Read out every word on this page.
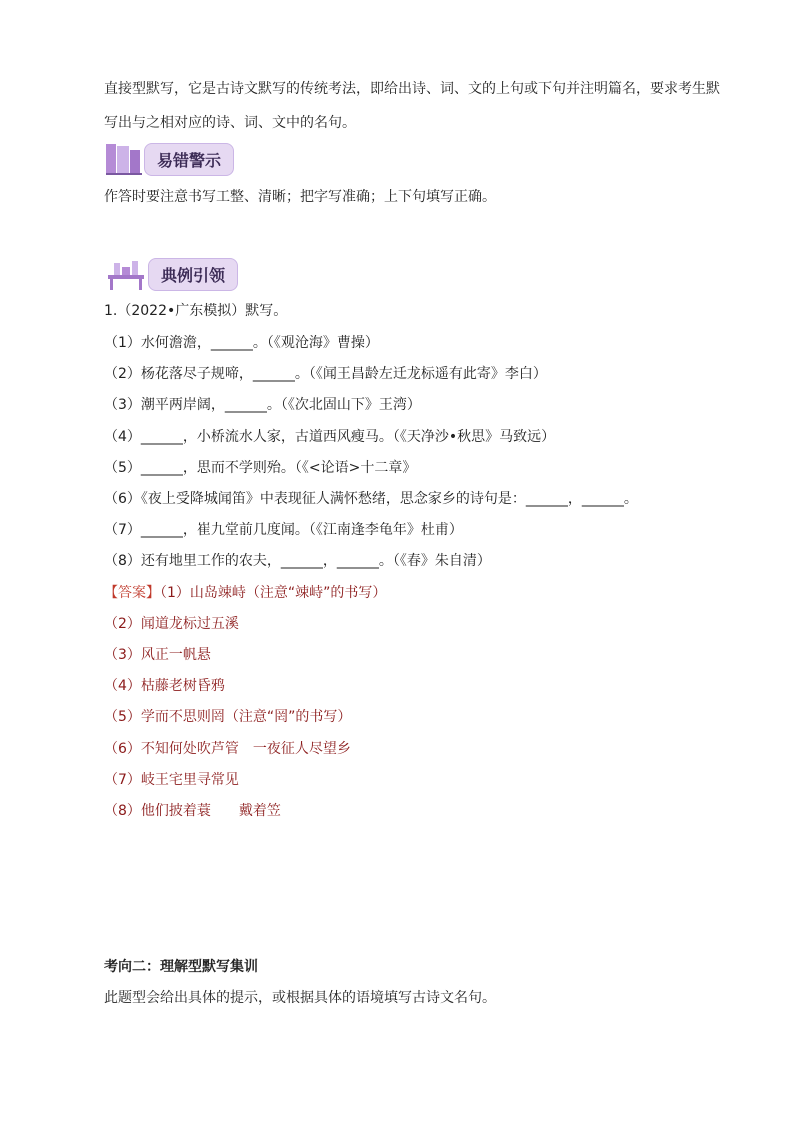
直接型默写，它是古诗文默写的传统考法，即给出诗、词、文的上句或下句并注明篇名，要求考生默
写出与之相对应的诗、词、文中的名句。
易错警示
作答时要注意书写工整、清晰；把字写准确；上下句填写正确。
典例引领
1.（2022•广东模拟）默写。
（1）水何澹澹，______。（《观沧海》曹操）
（2）杨花落尽子规啼，______。（《闻王昌龄左迁龙标遥有此寄》李白）
（3）潮平两岸阔，______。（《次北固山下》王湾）
（4）______，小桥流水人家，古道西风瘦马。（《天净沙•秋思》马致远）
（5）______，思而不学则殆。（《<论语>十二章》
（6）《夜上受降城闻笛》中表现征人满怀愁绪，思念家乡的诗句是：______，______。
（7）______，崔九堂前几度闻。（《江南逢李龟年》杜甫）
（8）还有地里工作的农夫，______，______。（《春》朱自清）
【答案】（1）山岛竦峙（注意“竦峙”的书写）
（2）闻道龙标过五溪
（3）风正一帆悬
（4）枯藤老树昏鸦
（5）学而不思则罔（注意“罔”的书写）
（6）不知何处吹芦管　一夜征人尽望乡
（7）岐王宅里寻常见
（8）他们披着蓑　　戴着笠
考向二：理解型默写集训
此题型会给出具体的提示，或根据具体的语境填写古诗文名句。
